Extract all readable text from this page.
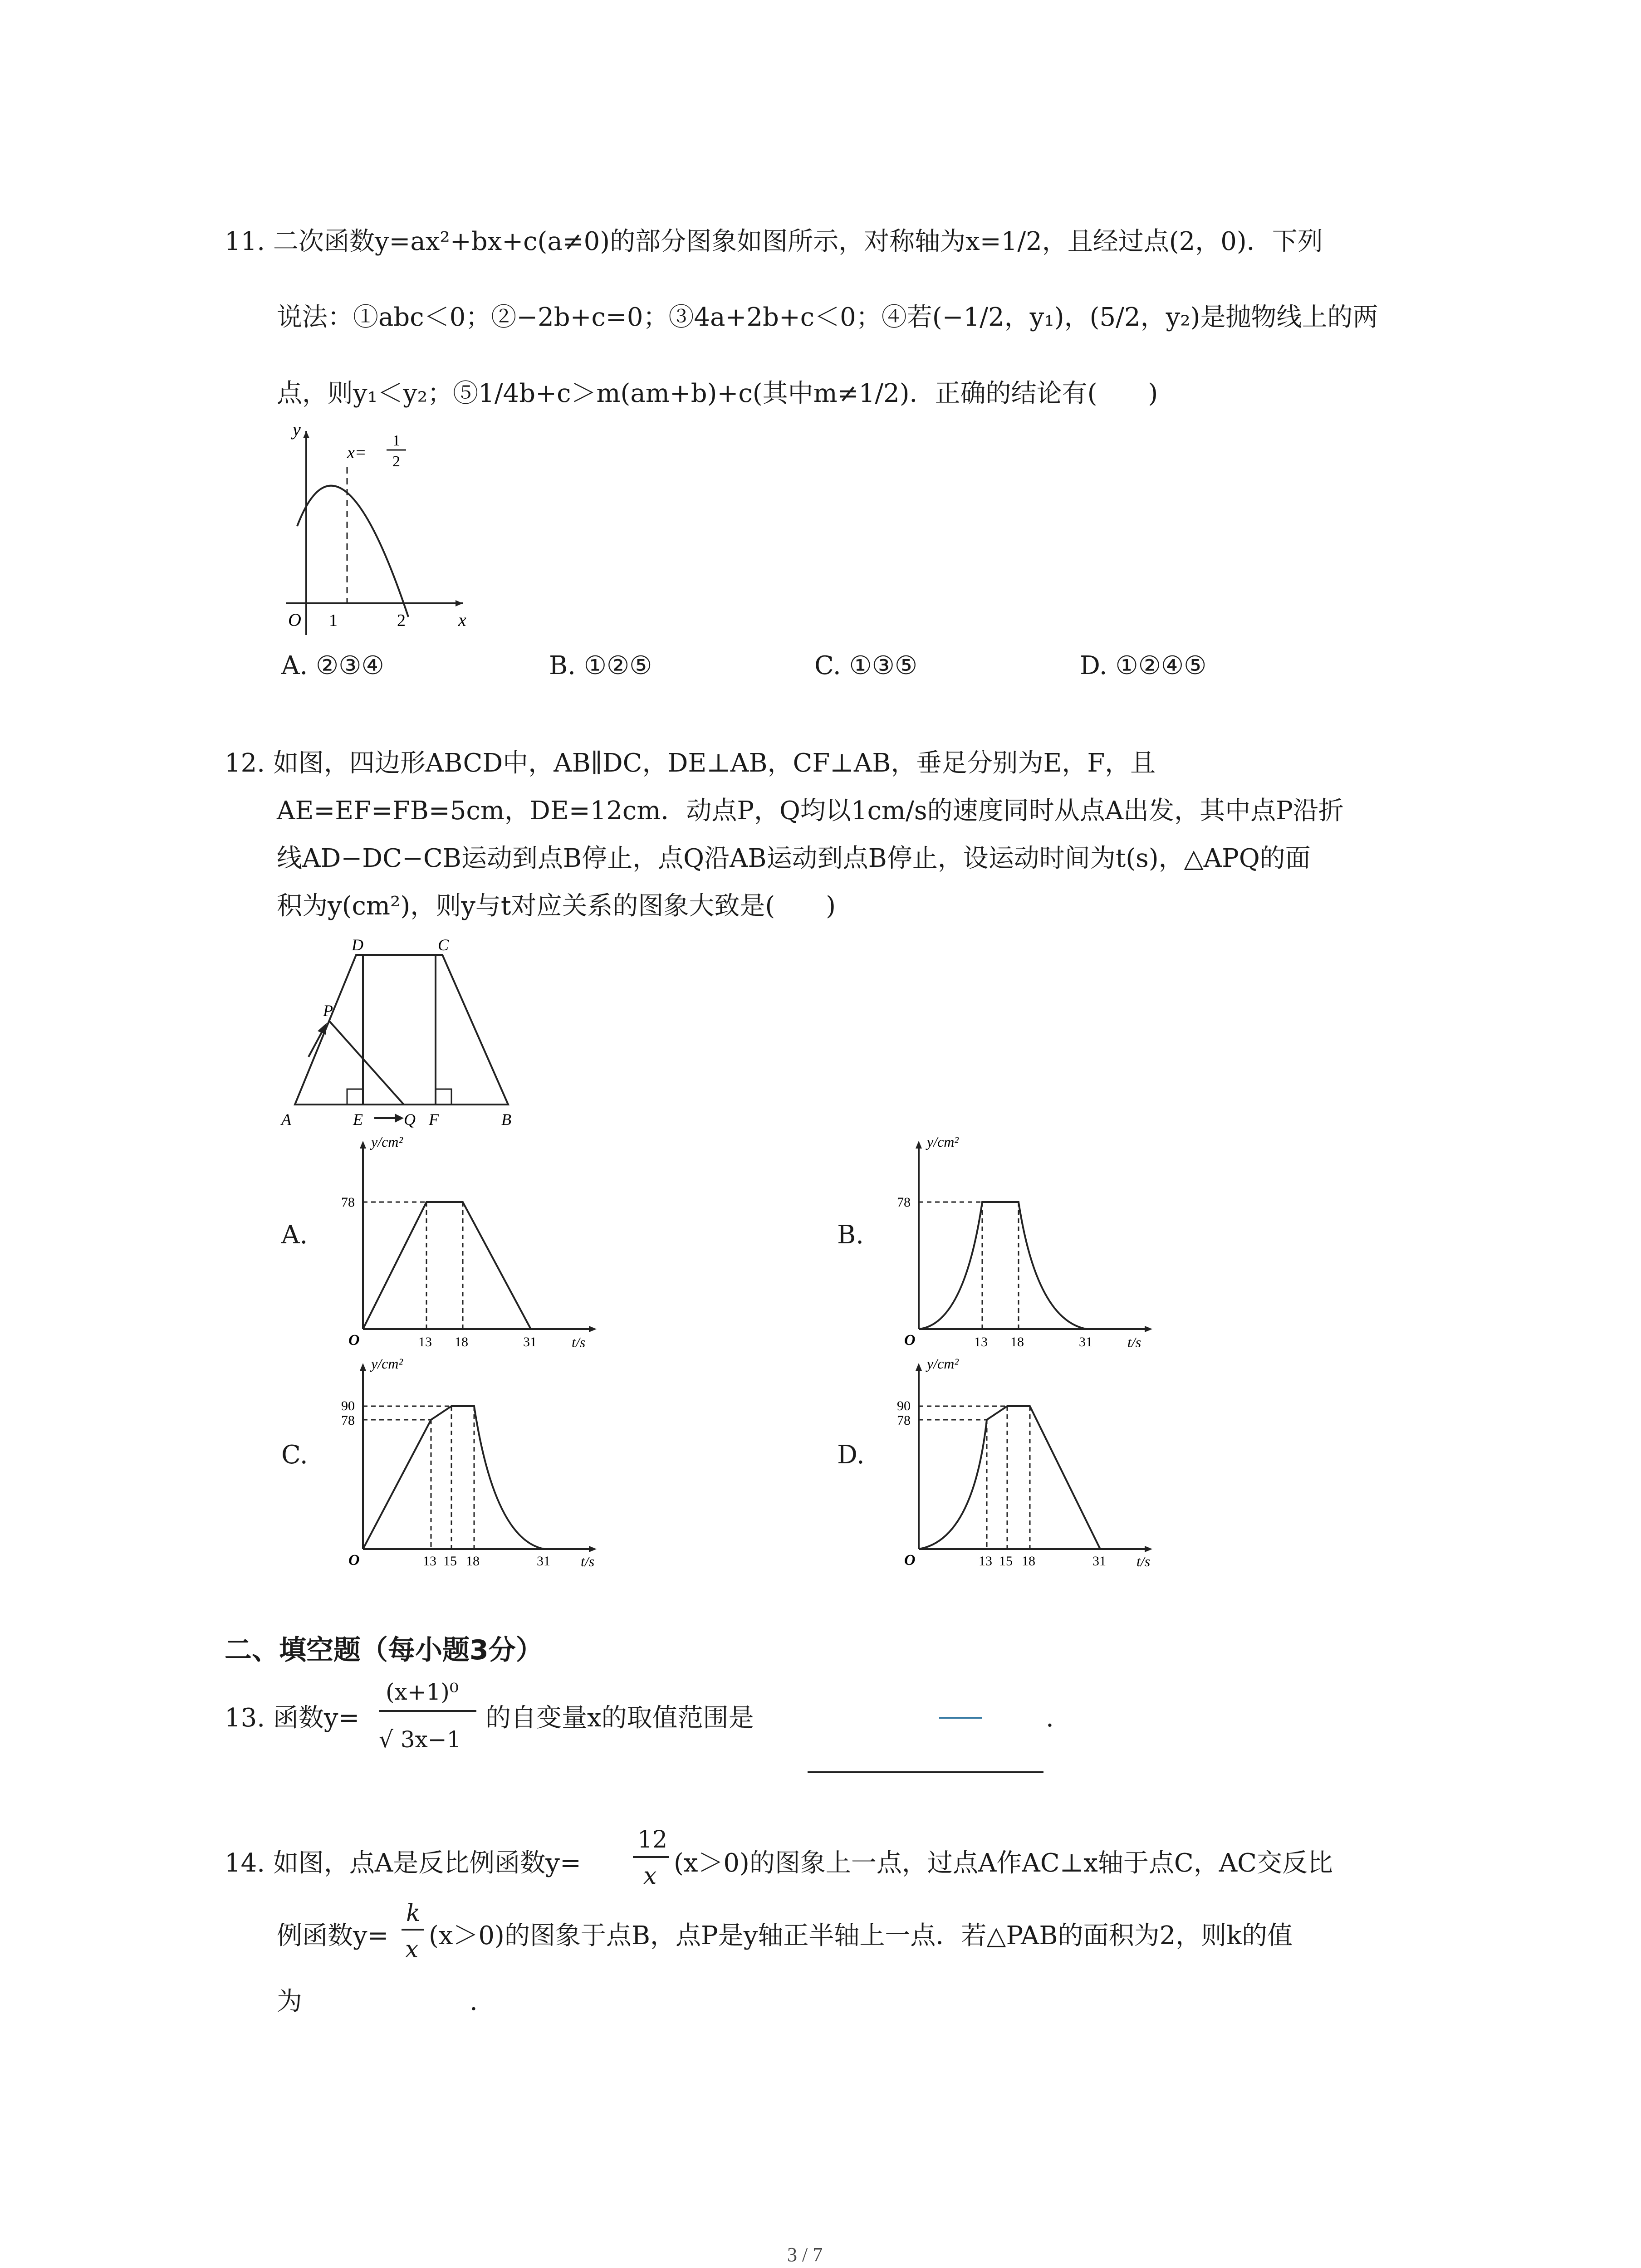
11. 二次函数y=ax²+bx+c(a≠0)的部分图象如图所示，对称轴为x=1/2，且经过点(2，0)．下列
说法：①abc＜0；②−2b+c=0；③4a+2b+c＜0；④若(−1/2，y₁)，(5/2，y₂)是抛物线上的两
点，则y₁＜y₂；⑤1/4b+c＞m(am+b)+c(其中m≠1/2)．正确的结论有(　　)
y
x
O 1	2
x=
1
2
A. ②③④	B. ①②⑤	C. ①③⑤	D. ①②④⑤
12. 如图，四边形ABCD中，AB∥DC，DE⊥AB，CF⊥AB，垂足分别为E，F，且
AE=EF=FB=5cm，DE=12cm．动点P，Q均以1cm/s的速度同时从点A出发，其中点P沿折
线AD−DC−CB运动到点B停止，点Q沿AB运动到点B停止，设运动时间为t(s)，△APQ的面
积为y(cm²)，则y与t对应关系的图象大致是(　　)
A	B
C
D
E	F
P
Q
A.	B.
C.	D.
y/cm²
t/s
O
78
13 18	31
y/cm²
t/s
O
78
13 18	31
y/cm²
t/s
O
90
78
13 15 18	31
y/cm²
t/s
O
90
78
13 15 18	31
二、填空题（每小题3分）
13. 函数y=
(x+1)⁰
√ 3x−1
的自变量x的取值范围是	.
14. 如图，点A是反比例函数y=
12
x (x＞0)的图象上一点，过点A作AC⊥x轴于点C，AC交反比
例函数y=
k
x (x＞0)的图象于点B，点P是y轴正半轴上一点．若△PAB的面积为2，则k的值
为	.
3 / 7
